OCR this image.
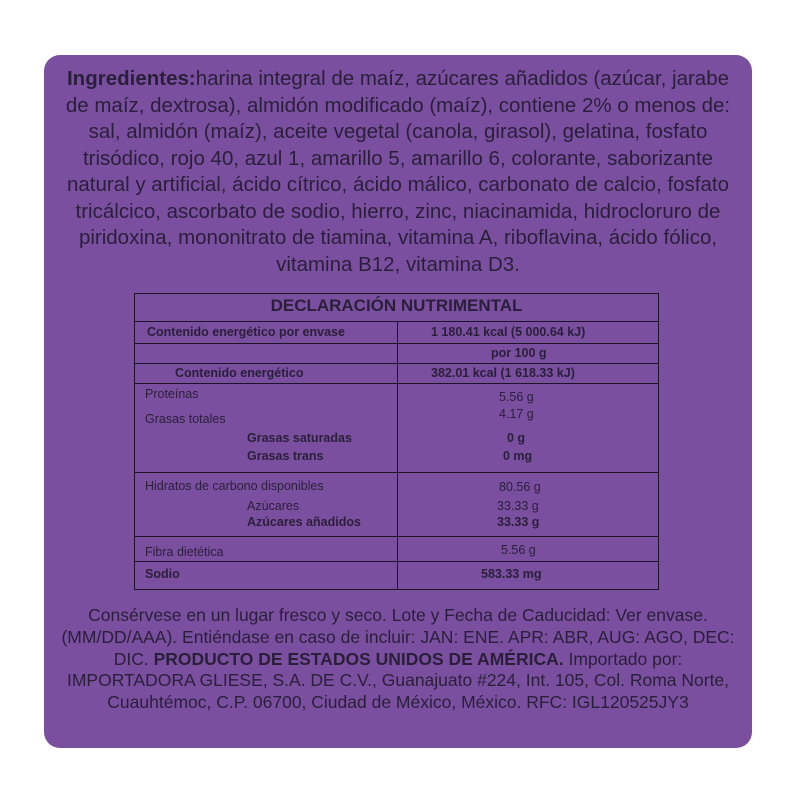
Ingredientes:harina integral de maíz, azúcares añadidos (azúcar, jarabe de maíz, dextrosa), almidón modificado (maíz), contiene 2% o menos de: sal, almidón (maíz), aceite vegetal (canola, girasol), gelatina, fosfato trisódico, rojo 40, azul 1, amarillo 5, amarillo 6, colorante, saborizante natural y artificial, ácido cítrico, ácido málico, carbonato de calcio, fosfato tricálcico, ascorbato de sodio, hierro, zinc, niacinamida, hidrocloruro de piridoxina, mononitrato de tiamina, vitamina A, riboflavina, ácido fólico, vitamina B12, vitamina D3.
DECLARACIÓN NUTRIMENTAL
Contenido energético por envase	1 180.41 kcal (5 000.64 kJ)
por 100 g
Contenido energético	382.01 kcal (1 618.33 kJ)
Proteínas	5.56 g
Grasas totales	4.17 g
Grasas saturadas	0 g
Grasas trans	0 mg
Hidratos de carbono disponibles	80.56 g
Azúcares	33.33 g
Azúcares añadidos	33.33 g
Fibra dietética	5.56 g
Sodio	583.33 mg
Consérvese en un lugar fresco y seco. Lote y Fecha de Caducidad: Ver envase. (MM/DD/AAA). Entiéndase en caso de incluir: JAN: ENE. APR: ABR, AUG: AGO, DEC: DIC. PRODUCTO DE ESTADOS UNIDOS DE AMÉRICA. Importado por: IMPORTADORA GLIESE, S.A. DE C.V., Guanajuato #224, Int. 105, Col. Roma Norte, Cuauhtémoc, C.P. 06700, Ciudad de México, México. RFC: IGL120525JY3
